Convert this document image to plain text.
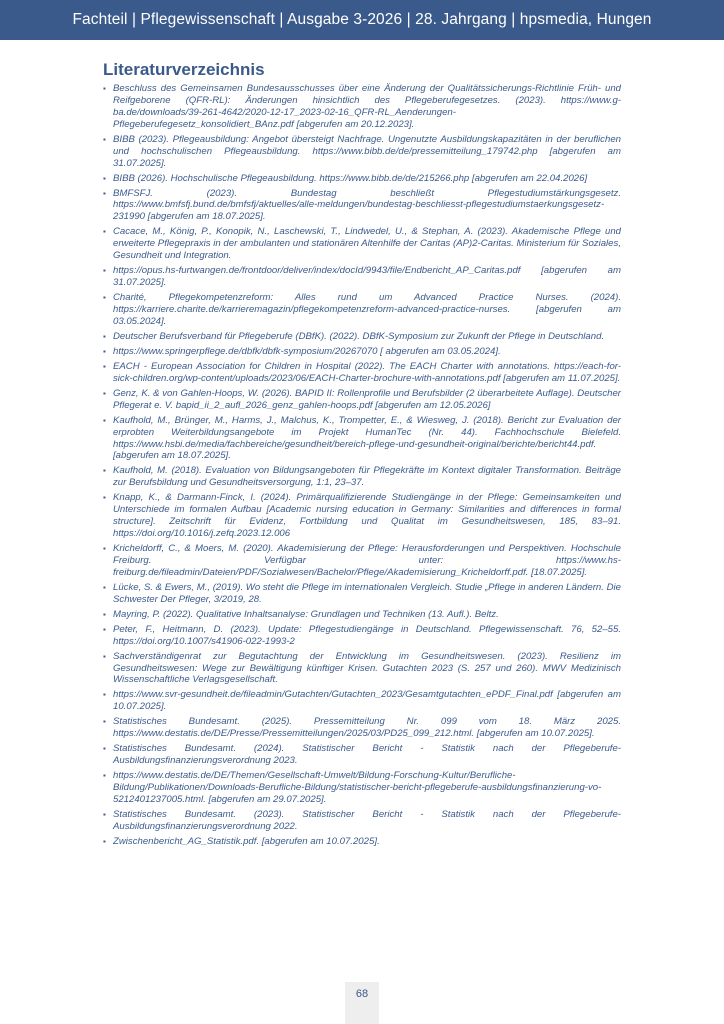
Fachteil | Pflegewissenschaft | Ausgabe 3-2026 | 28. Jahrgang | hpsmedia, Hungen
Literaturverzeichnis
▪ Beschluss des Gemeinsamen Bundesausschusses über eine Änderung der Qualitätssicherungs-Richtlinie Früh- und Reifgeborene (QFR-RL): Änderungen hinsichtlich des Pflegeberufegesetzes. (2023). https://www.g-ba.de/downloads/39-261-4642/2020-12-17_2023-02-16_QFR-RL_Aenderungen-Pflegeberufegesetz_konsolidiert_BAnz.pdf [abgerufen am 20.12.2023].
▪ BIBB (2023). Pflegeausbildung: Angebot übersteigt Nachfrage. Ungenutzte Ausbildungskapazitäten in der beruflichen und hochschulischen Pflegeausbildung. https://www.bibb.de/de/pressemitteilung_179742.php [abgerufen am 31.07.2025].
▪ BIBB (2026). Hochschulische Pflegeausbildung. https://www.bibb.de/de/215266.php [abgerufen am 22.04.2026]
▪ BMFSFJ. (2023). Bundestag beschließt Pflegestudiumstärkungsgesetz. https://www.bmfsfj.bund.de/bmfsfj/aktuelles/alle-meldungen/bundestag-beschliesst-pflegestudiumstaerkungsgesetz-231990 [abgerufen am 18.07.2025].
▪ Cacace, M., König, P., Konopik, N., Laschewski, T., Lindwedel, U., & Stephan, A. (2023). Akademische Pflege und erweiterte Pflegepraxis in der ambulanten und stationären Altenhilfe der Caritas (AP)2-Caritas. Ministerium für Soziales, Gesundheit und Integration.
▪ https://opus.hs-furtwangen.de/frontdoor/deliver/index/docId/9943/file/Endbericht_AP_Caritas.pdf [abgerufen am 31.07.2025].
▪ Charité, Pflegekompetenzreform: Alles rund um Advanced Practice Nurses. (2024). https://karriere.charite.de/karrieremagazin/pflegekompetenzreform-advanced-practice-nurses. [abgerufen am 03.05.2024].
▪ Deutscher Berufsverband für Pflegeberufe (DBfK). (2022). DBfK-Symposium zur Zukunft der Pflege in Deutschland.
▪ https://www.springerpflege.de/dbfk/dbfk-symposium/20267070 [ abgerufen am 03.05.2024].
▪ EACH - European Association for Children in Hospital (2022). The EACH Charter with annotations. https://each-for-sick-children.org/wp-content/uploads/2023/06/EACH-Charter-brochure-with-annotations.pdf [abgerufen am 11.07.2025].
▪ Genz, K. & von Gahlen-Hoops, W. (2026). BAPID II: Rollenprofile und Berufsbilder (2 überarbeitete Auflage). Deutscher Pflegerat e. V. bapid_ii_2_aufl_2026_genz_gahlen-hoops.pdf [abgerufen am 12.05.2026]
▪ Kaufhold, M., Brünger, M., Harms, J., Malchus, K., Trompetter, E., & Wiesweg, J. (2018). Bericht zur Evaluation der erprobten Weiterbildungsangebote im Projekt HumanTec (Nr. 44). Fachhochschule Bielefeld. https://www.hsbi.de/media/fachbereiche/gesundheit/bereich-pflege-und-gesundheit-original/berichte/bericht44.pdf. [abgerufen am 18.07.2025].
▪ Kaufhold, M. (2018). Evaluation von Bildungsangeboten für Pflegekräfte im Kontext digitaler Transformation. Beiträge zur Berufsbildung und Gesundheitsversorgung, 1:1, 23–37.
▪ Knapp, K., & Darmann-Finck, I. (2024). Primärqualifizierende Studiengänge in der Pflege: Gemeinsamkeiten und Unterschiede im formalen Aufbau [Academic nursing education in Germany: Similarities and differences in formal structure]. Zeitschrift für Evidenz, Fortbildung und Qualitat im Gesundheitswesen, 185, 83–91. https://doi.org/10.1016/j.zefq.2023.12.006
▪ Kricheldorff, C., & Moers, M. (2020). Akademisierung der Pflege: Herausforderungen und Perspektiven. Hochschule Freiburg. Verfügbar unter: https://www.hs-freiburg.de/fileadmin/Dateien/PDF/Sozialwesen/Bachelor/Pflege/Akademisierung_Kricheldorff.pdf. [18.07.2025].
▪ Lücke, S. & Ewers, M., (2019). Wo steht die Pflege im internationalen Vergleich. Studie „Pflege in anderen Ländern. Die Schwester Der Pfleger, 3/2019, 28.
▪ Mayring, P. (2022). Qualitative Inhaltsanalyse: Grundlagen und Techniken (13. Aufl.). Beltz.
▪ Peter, F., Heitmann, D. (2023). Update: Pflegestudiengänge in Deutschland. Pflegewissenschaft. 76, 52–55. https://doi.org/10.1007/s41906-022-1993-2
▪ Sachverständigenrat zur Begutachtung der Entwicklung im Gesundheitswesen. (2023). Resilienz im Gesundheitswesen: Wege zur Bewältigung künftiger Krisen. Gutachten 2023 (S. 257 und 260). MWV Medizinisch Wissenschaftliche Verlagsgesellschaft.
▪ https://www.svr-gesundheit.de/fileadmin/Gutachten/Gutachten_2023/Gesamtgutachten_ePDF_Final.pdf [abgerufen am 10.07.2025].
▪ Statistisches Bundesamt. (2025). Pressemitteilung Nr. 099 vom 18. März 2025. https://www.destatis.de/DE/Presse/Pressemitteilungen/2025/03/PD25_099_212.html. [abgerufen am 10.07.2025].
▪ Statistisches Bundesamt. (2024). Statistischer Bericht - Statistik nach der Pflegeberufe- Ausbildungsfinanzierungsverordnung 2023.
▪ https://www.destatis.de/DE/Themen/Gesellschaft-Umwelt/Bildung-Forschung-Kultur/Berufliche-Bildung/Publikationen/Downloads-Berufliche-Bildung/statistischer-bericht-pflegeberufe-ausbildungsfinanzierung-vo-5212401237005.html. [abgerufen am 29.07.2025].
▪ Statistisches Bundesamt. (2023). Statistischer Bericht - Statistik nach der Pflegeberufe- Ausbildungsfinanzierungsverordnung 2022.
▪ Zwischenbericht_AG_Statistik.pdf. [abgerufen am 10.07.2025].
68
